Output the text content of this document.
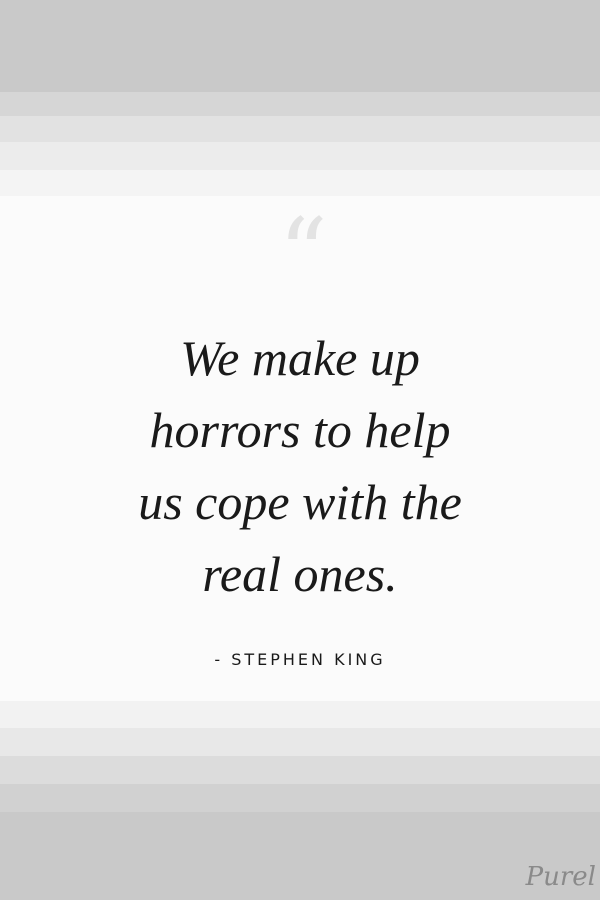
“
We make up
horrors to help
us cope with the
real ones.
- STEPHEN KING
Purel
